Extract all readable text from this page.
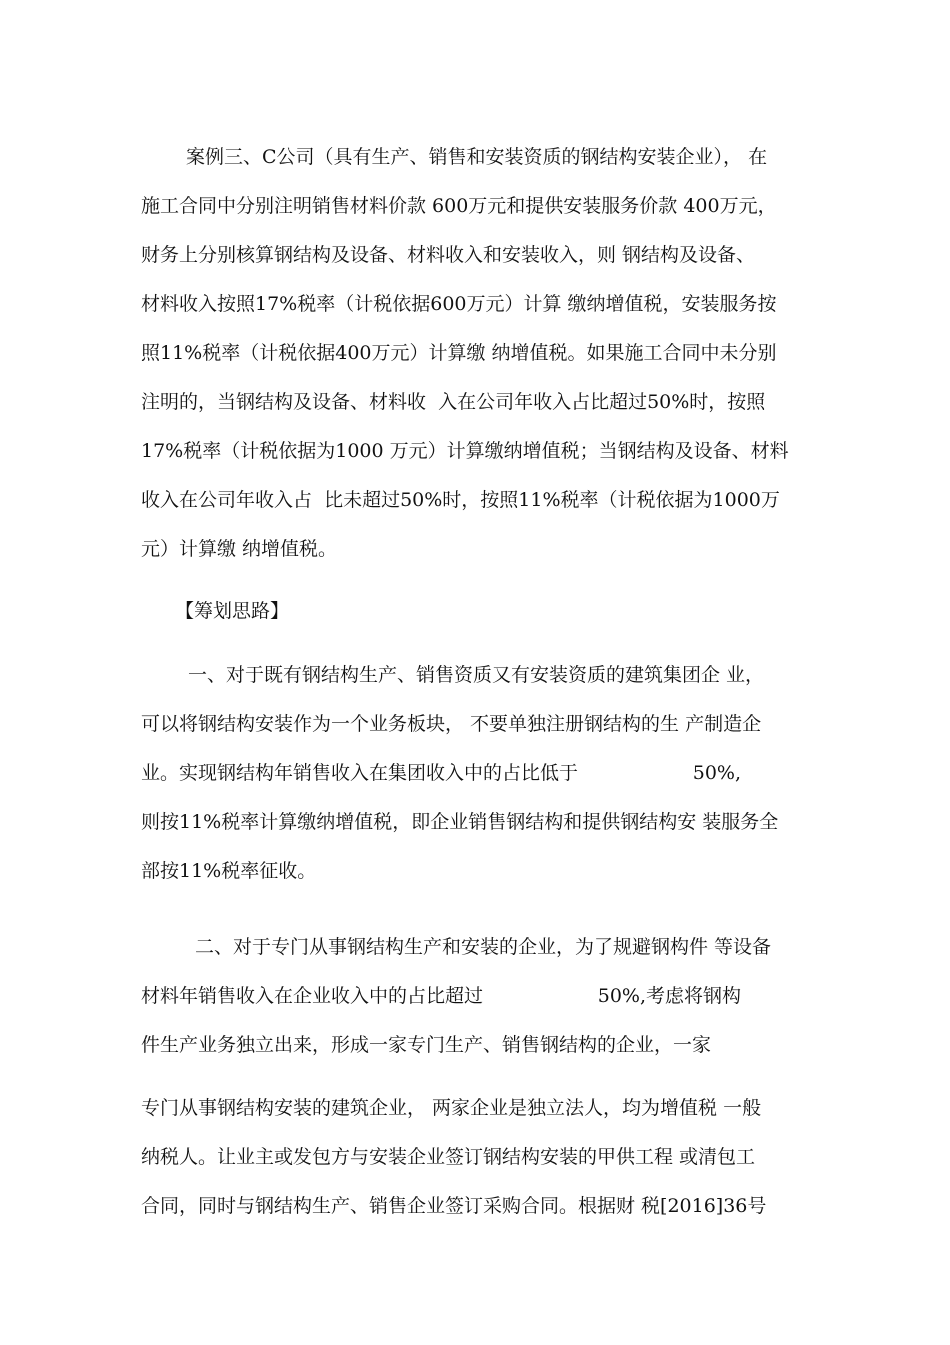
案例三、C公司（具有生产、销售和安装资质的钢结构安装企业）， 在

施工合同中分别注明销售材料价款 600万元和提供安装服务价款 400万元，

财务上分别核算钢结构及设备、材料收入和安装收入，则 钢结构及设备、

材料收入按照17%税率（计税依据600万元）计算 缴纳增值税，安装服务按

照11%税率（计税依据400万元）计算缴 纳增值税。如果施工合同中未分别

注明的，当钢结构及设备、材料收  入在公司年收入占比超过50%时，按照

17%税率（计税依据为1000 万元）计算缴纳增值税；当钢结构及设备、材料

收入在公司年收入占  比未超过50%时，按照11%税率（计税依据为1000万

元）计算缴 纳增值税。

【筹划思路】

一、对于既有钢结构生产、销售资质又有安装资质的建筑集团企 业，

可以将钢结构安装作为一个业务板块， 不要单独注册钢结构的生 产制造企

业。实现钢结构年销售收入在集团收入中的占比低于                   50%,

则按11%税率计算缴纳增值税，即企业销售钢结构和提供钢结构安 装服务全

部按11%税率征收。

二、对于专门从事钢结构生产和安装的企业，为了规避钢构件 等设备

材料年销售收入在企业收入中的占比超过                   50%,考虑将钢构

件生产业务独立出来，形成一家专门生产、销售钢结构的企业，一家

专门从事钢结构安装的建筑企业， 两家企业是独立法人，均为增值税 一般

纳税人。让业主或发包方与安装企业签订钢结构安装的甲供工程 或清包工

合同，同时与钢结构生产、销售企业签订采购合同。根据财 税[2016]36号
